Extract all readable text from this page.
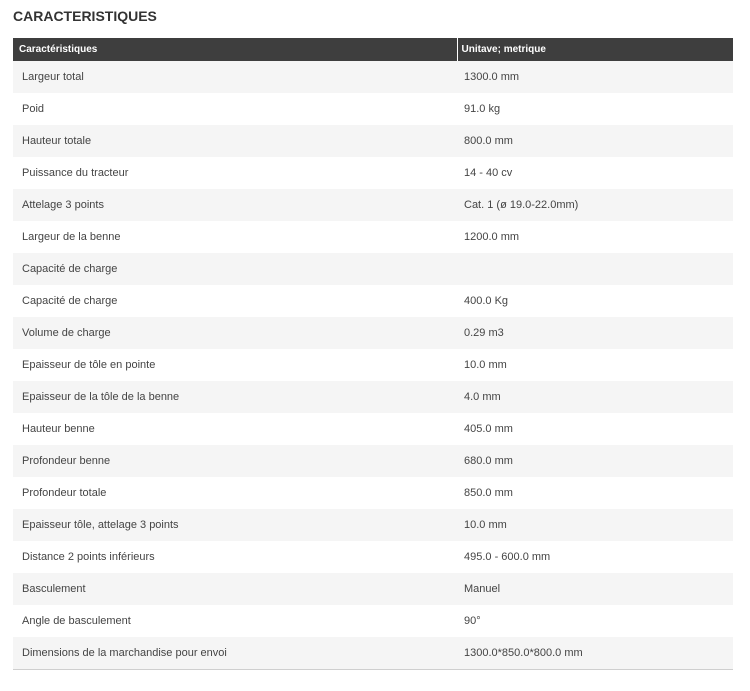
CARACTERISTIQUES
Caractéristiques	Unitave; metrique
Largeur total	1300.0 mm
Poid	91.0 kg
Hauteur totale	800.0 mm
Puissance du tracteur	14 - 40 cv
Attelage 3 points	Cat. 1 (ø 19.0-22.0mm)
Largeur de la benne	1200.0 mm
Capacité de charge	
Capacité de charge	400.0 Kg
Volume de charge	0.29 m3
Epaisseur de tôle en pointe	10.0 mm
Epaisseur de la tôle de la benne	4.0 mm
Hauteur benne	405.0 mm
Profondeur benne	680.0 mm
Profondeur totale	850.0 mm
Epaisseur tôle, attelage 3 points	10.0 mm
Distance 2 points inférieurs	495.0 - 600.0 mm
Basculement	Manuel
Angle de basculement	90°
Dimensions de la marchandise pour envoi	1300.0*850.0*800.0 mm
